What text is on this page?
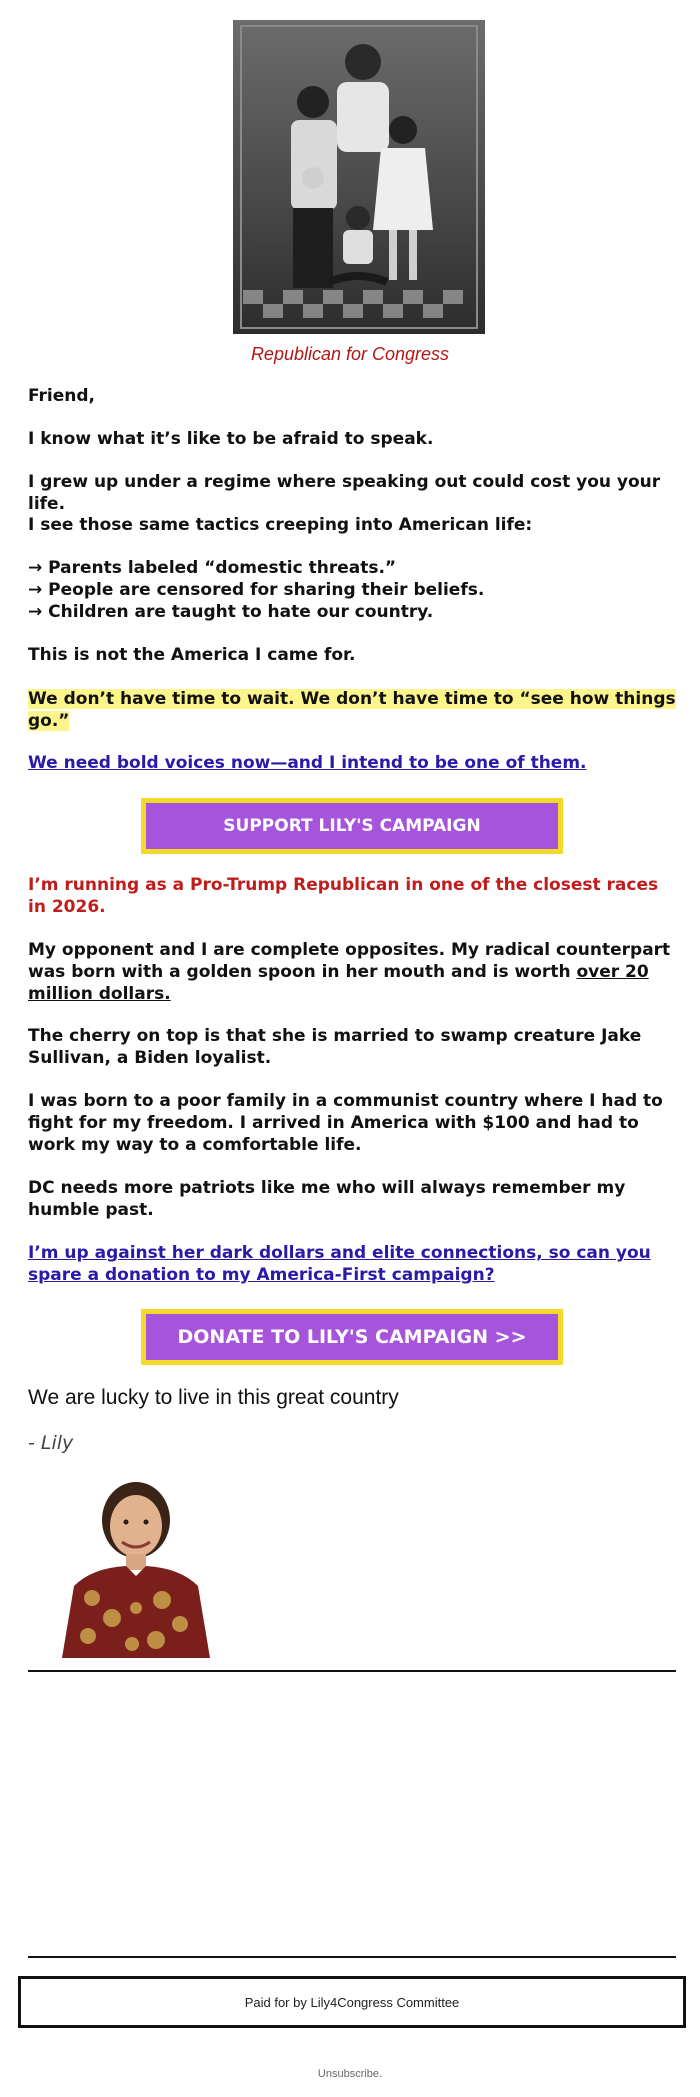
Republican for Congress
Friend,
I know what it’s like to be afraid to speak.
I grew up under a regime where speaking out could cost you your life.
I see those same tactics creeping into American life:
→ Parents labeled “domestic threats.”
→ People are censored for sharing their beliefs.
→ Children are taught to hate our country.
This is not the America I came for.
We don’t have time to wait. We don’t have time to “see how things go.”
We need bold voices now—and I intend to be one of them.
SUPPORT LILY'S CAMPAIGN
I’m running as a Pro-Trump Republican in one of the closest races in 2026.
My opponent and I are complete opposites. My radical counterpart was born with a golden spoon in her mouth and is worth over 20 million dollars.
The cherry on top is that she is married to swamp creature Jake Sullivan, a Biden loyalist.
I was born to a poor family in a communist country where I had to fight for my freedom. I arrived in America with $100 and had to work my way to a comfortable life.
DC needs more patriots like me who will always remember my humble past.
I’m up against her dark dollars and elite connections, so can you spare a donation to my America-First campaign?
DONATE TO LILY'S CAMPAIGN >>
We are lucky to live in this great country
- Lily
Paid for by Lily4Congress Committee
Unsubscribe.
